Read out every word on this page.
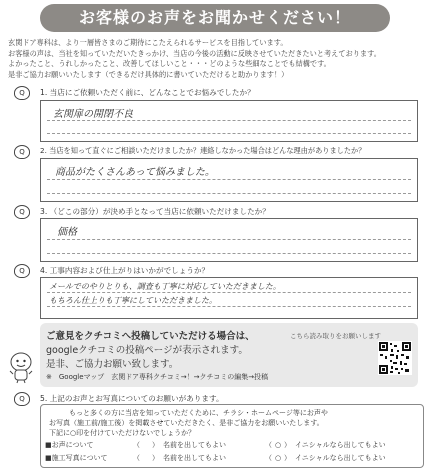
お客様のお声をお聞かせください！
玄関ドア専科は、より一層皆さまのご期待にこたえられるサービスを目指しています。
お客様の声は、当社を知っていただいたきっかけ、当店の今後の活動に反映させていただきたいと考えております。
よかったこと、うれしかったこと、改善してほしいこと・・・どのような些細なことでも結構です。
是非ご協力お願いいたします（できるだけ具体的に書いていただけると助かります！）
Q	1. 当店にご依頼いただく前に、どんなことでお悩みでしたか？
玄関扉の開閉不良
Q	2. 当店を知って直ぐにご相談いただけましたか？連絡しなかった場合はどんな理由がありましたか？
商品がたくさんあって悩みました。
Q	3. （どこの部分）が決め手となって当店に依頼いただけましたか？
価格
Q	4. 工事内容および仕上がりはいかがでしょうか？
メールでのやりとりも、調査も丁寧に対応していただきました。
もちろん仕上りも丁寧にしていただきました。
ご意見をクチコミへ投稿していただける場合は、	こちら読み取りをお願いします
googleクチコミの投稿ページが表示されます。
是非、ご協力お願い致します。
※　Googleマップ　玄関ドア専科クチコミ→！→クチコミの編集→投稿
Q	5. 上記のお声とお写真についてのお願いがあります。
もっと多くの方に当店を知っていただくために、チラシ・ホームページ等にお声や
お写真（施工前/施工後）を掲載させていただきたく、是非ご協力をお願いいたします。
下記に○印を付けていただけないでしょうか？
■お声について	（ ） 名前を出してもよい	（ ○ ） イニシャルなら出してもよい
■施工写真について	（ ） 名前を出してもよい	（ ○ ） イニシャルなら出してもよい
